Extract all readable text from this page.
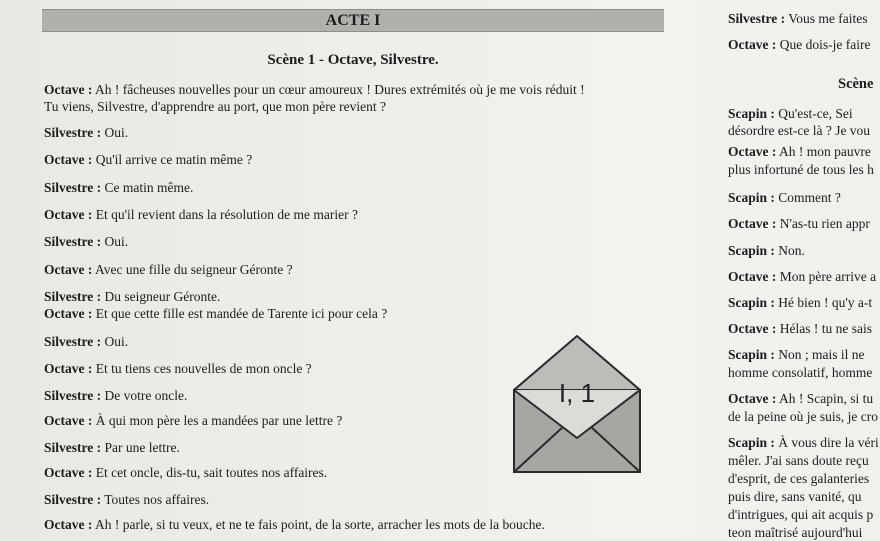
ACTE I
Scène 1 - Octave, Silvestre.
Octave : Ah ! fâcheuses nouvelles pour un cœur amoureux ! Dures extrémités où je me vois réduit !
Tu viens, Silvestre, d'apprendre au port, que mon père revient ?
Silvestre : Oui.
Octave : Qu'il arrive ce matin même ?
Silvestre : Ce matin même.
Octave : Et qu'il revient dans la résolution de me marier ?
Silvestre : Oui.
Octave : Avec une fille du seigneur Géronte ?
Silvestre : Du seigneur Géronte.
Octave : Et que cette fille est mandée de Tarente ici pour cela ?
Silvestre : Oui.
Octave : Et tu tiens ces nouvelles de mon oncle ?
Silvestre : De votre oncle.
Octave : À qui mon père les a mandées par une lettre ?
Silvestre : Par une lettre.
Octave : Et cet oncle, dis-tu, sait toutes nos affaires.
Silvestre : Toutes nos affaires.
Octave : Ah ! parle, si tu veux, et ne te fais point, de la sorte, arracher les mots de la bouche.
I, 1
Scène
Silvestre : Vous me faites
Octave : Que dois-je faire
Scapin : Qu'est-ce, Sei
désordre est-ce là ? Je vou
Octave : Ah ! mon pauvre
plus infortuné de tous les h
Scapin : Comment ?
Octave : N'as-tu rien appr
Scapin : Non.
Octave : Mon père arrive a
Scapin : Hé bien ! qu'y a-t
Octave : Hélas ! tu ne sais
Scapin : Non ; mais il ne
homme consolatif, homme
Octave : Ah ! Scapin, si tu
de la peine où je suis, je cro
Scapin : À vous dire la véri
mêler. J'ai sans doute reçu
d'esprit, de ces galanteries
puis dire, sans vanité, qu
d'intrigues, qui ait acquis p
teon maîtrisé aujourd'hui
